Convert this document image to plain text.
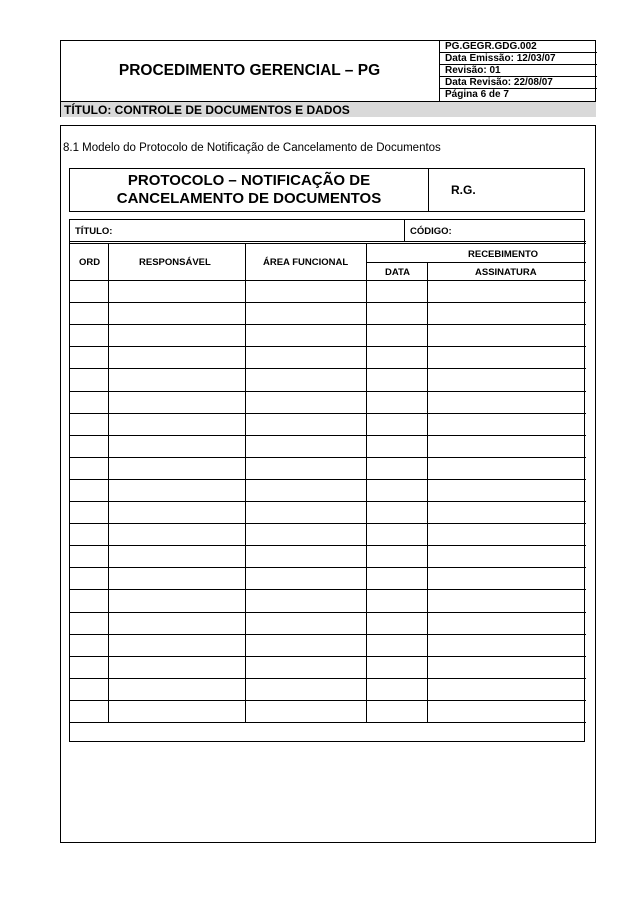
PROCEDIMENTO GERENCIAL – PG
PG.GEGR.GDG.002
Data Emissão: 12/03/07
Revisão: 01
Data Revisão: 22/08/07
Página 6 de 7
TÍTULO: CONTROLE DE DOCUMENTOS E DADOS
8.1 Modelo do Protocolo de Notificação de Cancelamento de Documentos
PROTOCOLO – NOTIFICAÇÃO DE
CANCELAMENTO DE DOCUMENTOS	R.G.
TÍTULO:	CÓDIGO:
ORD	RESPONSÁVEL	ÁREA FUNCIONAL
RECEBIMENTO
DATA	ASSINATURA
